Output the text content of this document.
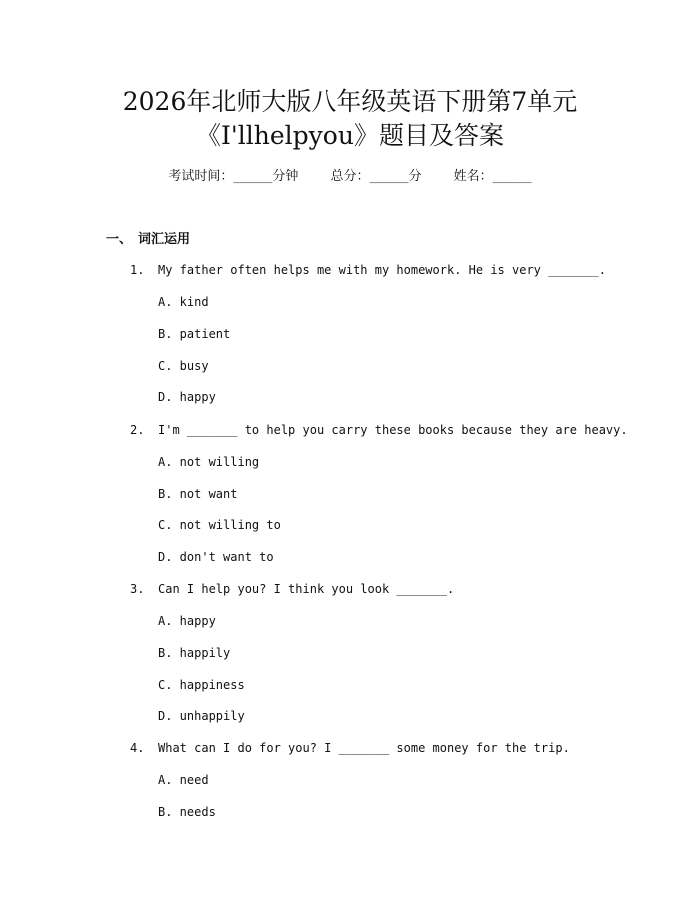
2026年北师大版八年级英语下册第7单元
《I'llhelpyou》题目及答案
考试时间：______分钟 总分：______分 姓名：______
一、 词汇运用
1. My father often helps me with my homework. He is very _______.
A. kind
B. patient
C. busy
D. happy
2. I'm _______ to help you carry these books because they are heavy.
A. not willing
B. not want
C. not willing to
D. don't want to
3. Can I help you? I think you look _______.
A. happy
B. happily
C. happiness
D. unhappily
4. What can I do for you? I _______ some money for the trip.
A. need
B. needs
